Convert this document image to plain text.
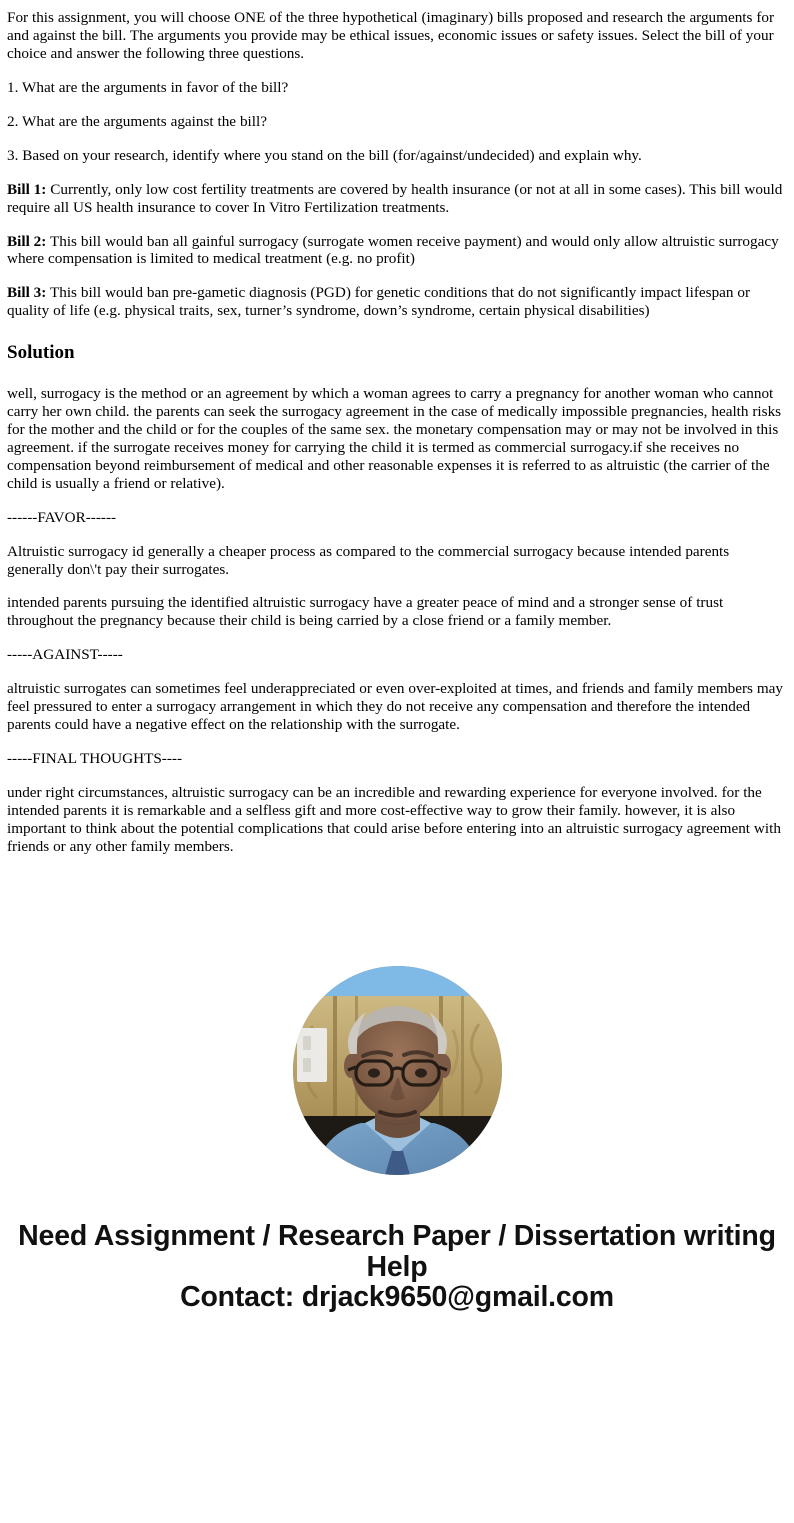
For this assignment, you will choose ONE of the three hypothetical (imaginary) bills proposed and research the arguments for and against the bill. The arguments you provide may be ethical issues, economic issues or safety issues. Select the bill of your choice and answer the following three questions.

1. What are the arguments in favor of the bill?

2. What are the arguments against the bill?

3. Based on your research, identify where you stand on the bill (for/against/undecided) and explain why.

Bill 1: Currently, only low cost fertility treatments are covered by health insurance (or not at all in some cases). This bill would require all US health insurance to cover In Vitro Fertilization treatments.

Bill 2: This bill would ban all gainful surrogacy (surrogate women receive payment) and would only allow altruistic surrogacy where compensation is limited to medical treatment (e.g. no profit)

Bill 3: This bill would ban pre-gametic diagnosis (PGD) for genetic conditions that do not significantly impact lifespan or quality of life (e.g. physical traits, sex, turner’s syndrome, down’s syndrome, certain physical disabilities)

Solution

well, surrogacy is the method or an agreement by which a woman agrees to carry a pregnancy for another woman who cannot carry her own child. the parents can seek the surrogacy agreement in the case of medically impossible pregnancies, health risks for the mother and the child or for the couples of the same sex. the monetary compensation may or may not be involved in this agreement. if the surrogate receives money for carrying the child it is termed as commercial surrogacy.if she receives no compensation beyond reimbursement of medical and other reasonable expenses it is referred to as altruistic (the carrier of the child is usually a friend or relative).

------FAVOR------

Altruistic surrogacy id generally a cheaper process as compared to the commercial surrogacy because intended parents generally don\'t pay their surrogates.

intended parents pursuing the identified altruistic surrogacy have a greater peace of mind and a stronger sense of trust throughout the pregnancy because their child is being carried by a close friend or a family member.

-----AGAINST-----

altruistic surrogates can sometimes feel underappreciated or even over-exploited at times, and friends and family members may feel pressured to enter a surrogacy arrangement in which they do not receive any compensation and therefore the intended parents could have a negative effect on the relationship with the surrogate.

-----FINAL THOUGHTS----

under right circumstances, altruistic surrogacy can be an incredible and rewarding experience for everyone involved. for the intended parents it is remarkable and a selfless gift and more cost-effective way to grow their family. however, it is also important to think about the potential complications that could arise before entering into an altruistic surrogacy agreement with friends or any other family members.

Need Assignment / Research Paper / Dissertation writing Help
Contact: drjack9650@gmail.com
